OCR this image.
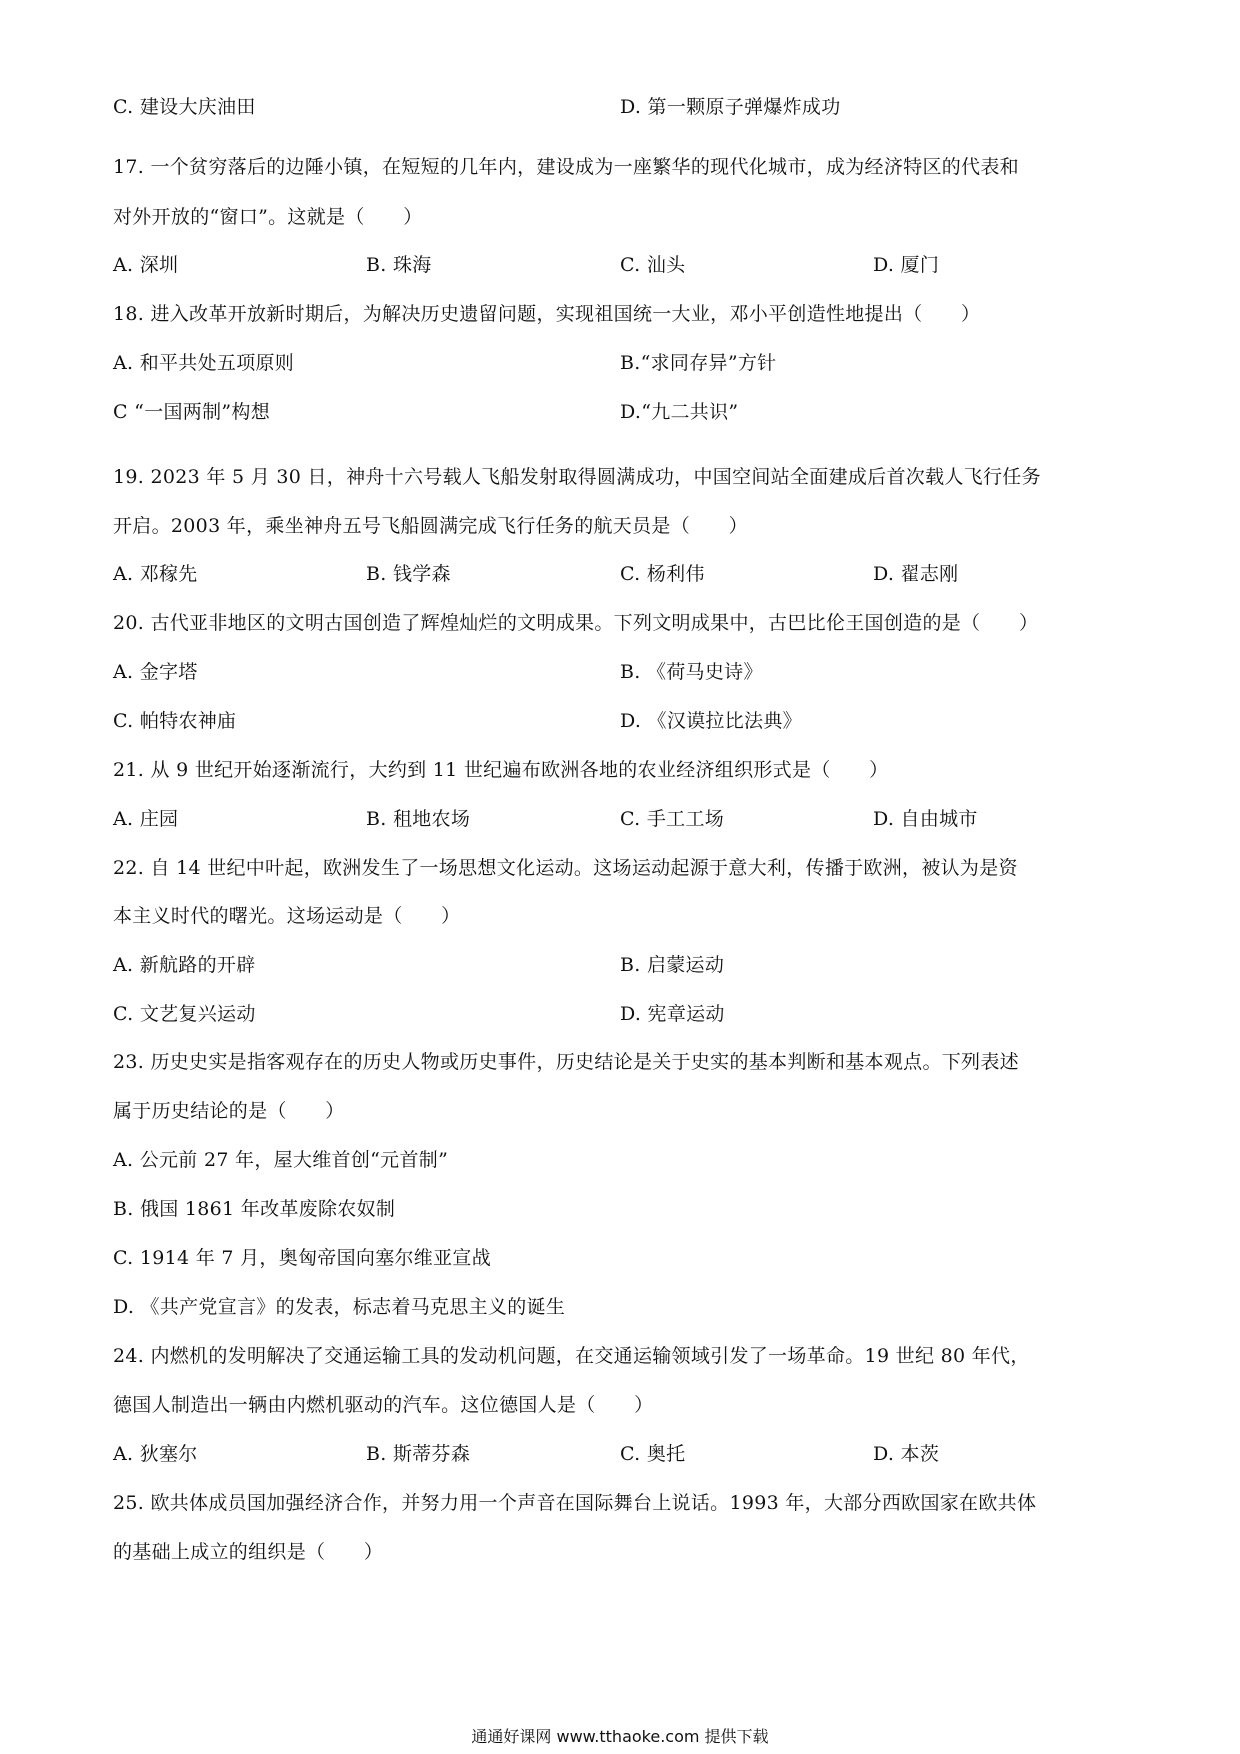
C. 建设大庆油田	D. 第一颗原子弹爆炸成功
17. 一个贫穷落后的边陲小镇，在短短的几年内，建设成为一座繁华的现代化城市，成为经济特区的代表和
对外开放的“窗口”。这就是（　　）
A. 深圳	B. 珠海	C. 汕头	D. 厦门
18. 进入改革开放新时期后，为解决历史遗留问题，实现祖国统一大业，邓小平创造性地提出（　　）
A. 和平共处五项原则	B.“求同存异”方针
C “一国两制”构想	D.“九二共识”
19. 2023 年 5 月 30 日，神舟十六号载人飞船发射取得圆满成功，中国空间站全面建成后首次载人飞行任务
开启。2003 年，乘坐神舟五号飞船圆满完成飞行任务的航天员是（　　）
A. 邓稼先	B. 钱学森	C. 杨利伟	D. 翟志刚
20. 古代亚非地区的文明古国创造了辉煌灿烂的文明成果。下列文明成果中，古巴比伦王国创造的是（　　）
A. 金字塔	B. 《荷马史诗》
C. 帕特农神庙	D. 《汉谟拉比法典》
21. 从 9 世纪开始逐渐流行，大约到 11 世纪遍布欧洲各地的农业经济组织形式是（　　）
A. 庄园	B. 租地农场	C. 手工工场	D. 自由城市
22. 自 14 世纪中叶起，欧洲发生了一场思想文化运动。这场运动起源于意大利，传播于欧洲，被认为是资
本主义时代的曙光。这场运动是（　　）
A. 新航路的开辟	B. 启蒙运动
C. 文艺复兴运动	D. 宪章运动
23. 历史史实是指客观存在的历史人物或历史事件，历史结论是关于史实的基本判断和基本观点。下列表述
属于历史结论的是（　　）
A. 公元前 27 年，屋大维首创“元首制”
B. 俄国 1861 年改革废除农奴制
C. 1914 年 7 月，奥匈帝国向塞尔维亚宣战
D. 《共产党宣言》的发表，标志着马克思主义的诞生
24. 内燃机的发明解决了交通运输工具的发动机问题，在交通运输领域引发了一场革命。19 世纪 80 年代，
德国人制造出一辆由内燃机驱动的汽车。这位德国人是（　　）
A. 狄塞尔	B. 斯蒂芬森	C. 奥托	D. 本茨
25. 欧共体成员国加强经济合作，并努力用一个声音在国际舞台上说话。1993 年，大部分西欧国家在欧共体
的基础上成立的组织是（　　）
通通好课网 www.tthaoke.com 提供下载
